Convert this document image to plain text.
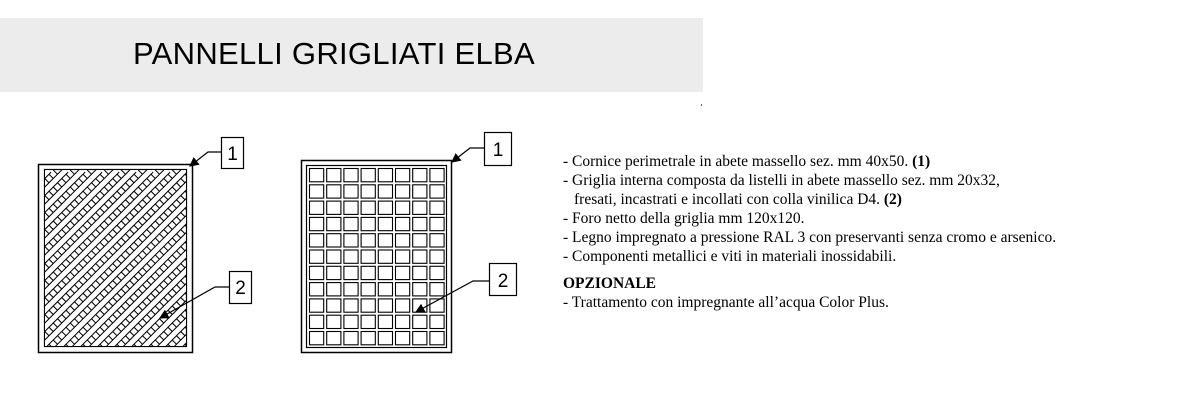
PANNELLI GRIGLIATI ELBA
1
2
1
2
- Cornice perimetrale in abete massello sez. mm 40x50. (1)
- Griglia interna composta da listelli in abete massello sez. mm 20x32,
fresati, incastrati e incollati con colla vinilica D4. (2)
- Foro netto della griglia mm 120x120.
- Legno impregnato a pressione RAL 3 con preservanti senza cromo e arsenico.
- Componenti metallici e viti in materiali inossidabili.
OPZIONALE
- Trattamento con impregnante all’acqua Color Plus.
